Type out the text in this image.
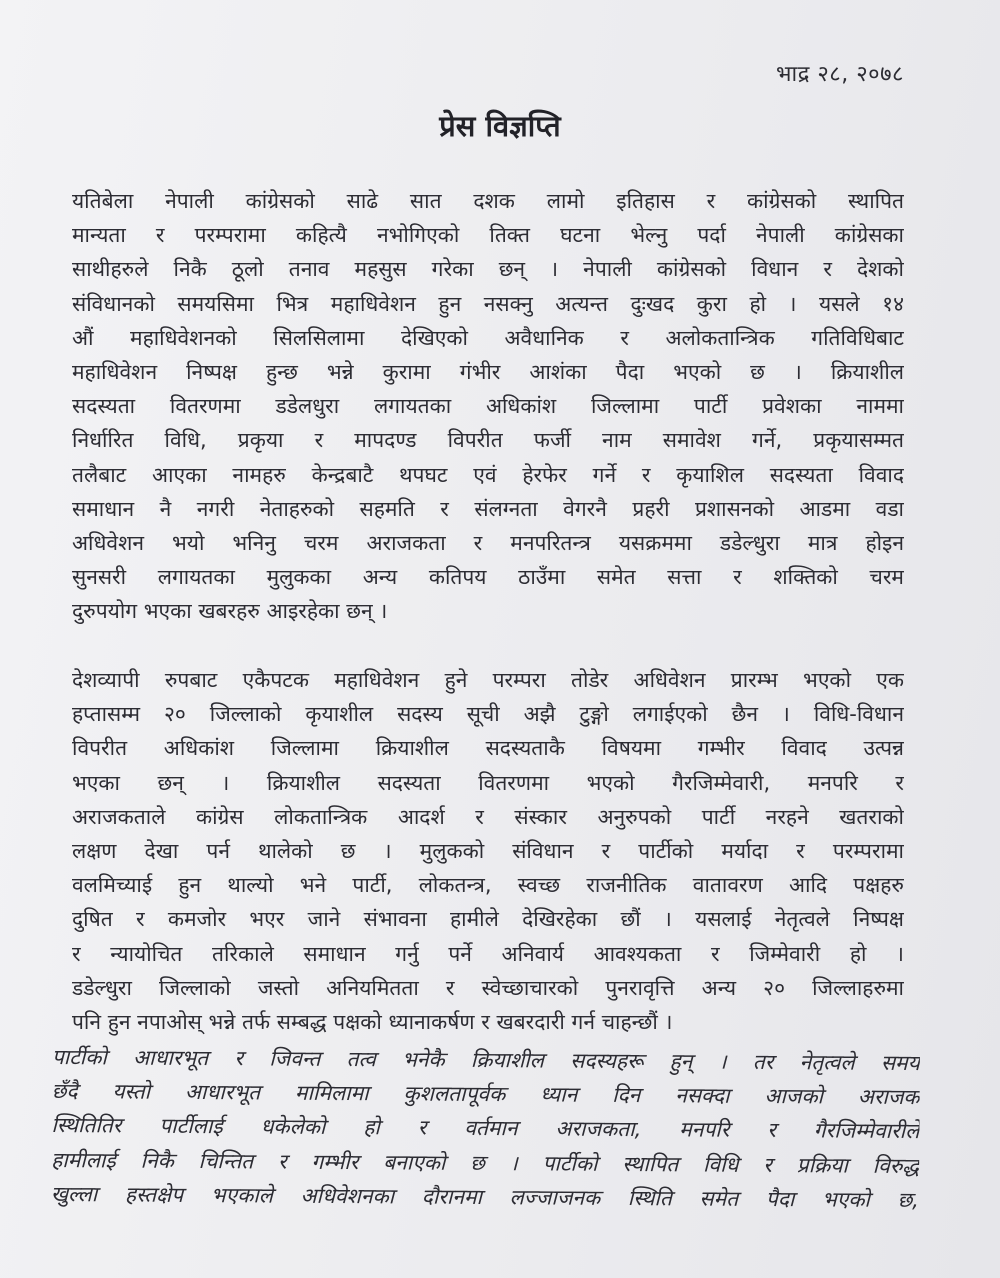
भाद्र २८, २०७८
प्रेस विज्ञप्ति
यतिबेला नेपाली कांग्रेसको साढे सात दशक लामो इतिहास र कांग्रेसको स्थापित
मान्यता र परम्परामा कहित्यै नभोगिएको तिक्त घटना भेल्नु पर्दा नेपाली कांग्रेसका
साथीहरुले निकै ठूलो तनाव महसुस गरेका छन् । नेपाली कांग्रेसको विधान र देशको
संविधानको समयसिमा भित्र महाधिवेशन हुन नसक्नु अत्यन्त दुःखद कुरा हो । यसले १४
औं महाधिवेशनको सिलसिलामा देखिएको अवैधानिक र अलोकतान्त्रिक गतिविधिबाट
महाधिवेशन निष्पक्ष हुन्छ भन्ने कुरामा गंभीर आशंका पैदा भएको छ । क्रियाशील
सदस्यता वितरणमा डडेलधुरा लगायतका अधिकांश जिल्लामा पार्टी प्रवेशका नाममा
निर्धारित विधि, प्रकृया र मापदण्ड विपरीत फर्जी नाम समावेश गर्ने, प्रकृयासम्मत
तलैबाट आएका नामहरु केन्द्रबाटै थपघट एवं हेरफेर गर्ने र कृयाशिल सदस्यता विवाद
समाधान नै नगरी नेताहरुको सहमति र संलग्नता वेगरनै प्रहरी प्रशासनको आडमा वडा
अधिवेशन भयो भनिनु चरम अराजकता र मनपरितन्त्र यसक्रममा डडेल्धुरा मात्र होइन
सुनसरी लगायतका मुलुकका अन्य कतिपय ठाउँमा समेत सत्ता र शक्तिको चरम
दुरुपयोग भएका खबरहरु आइरहेका छन् ।
देशव्यापी रुपबाट एकैपटक महाधिवेशन हुने परम्परा तोडेर अधिवेशन प्रारम्भ भएको एक
हप्तासम्म २० जिल्लाको कृयाशील सदस्य सूची अझै टुङ्गो लगाईएको छैन । विधि-विधान
विपरीत अधिकांश जिल्लामा क्रियाशील सदस्यताकै विषयमा गम्भीर विवाद उत्पन्न
भएका छन् । क्रियाशील सदस्यता वितरणमा भएको गैरजिम्मेवारी, मनपरि र
अराजकताले कांग्रेस लोकतान्त्रिक आदर्श र संस्कार अनुरुपको पार्टी नरहने खतराको
लक्षण देखा पर्न थालेको छ । मुलुकको संविधान र पार्टीको मर्यादा र परम्परामा
वलमिच्याई हुन थाल्यो भने पार्टी, लोकतन्त्र, स्वच्छ राजनीतिक वातावरण आदि पक्षहरु
दुषित र कमजोर भएर जाने संभावना हामीले देखिरहेका छौं । यसलाई नेतृत्वले निष्पक्ष
र न्यायोचित तरिकाले समाधान गर्नु पर्ने अनिवार्य आवश्यकता र जिम्मेवारी हो ।
डडेल्धुरा जिल्लाको जस्तो अनियमितता र स्वेच्छाचारको पुनरावृत्ति अन्य २० जिल्लाहरुमा
पनि हुन नपाओस् भन्ने तर्फ सम्बद्ध पक्षको ध्यानाकर्षण र खबरदारी गर्न चाहन्छौं ।
पार्टीको आधारभूत र जिवन्त तत्व भनेकै क्रियाशील सदस्यहरू हुन् । तर नेतृत्वले समय
छँदै यस्तो आधारभूत मामिलामा कुशलतापूर्वक ध्यान दिन नसक्दा आजको अराजक
स्थितितिर पार्टीलाई धकेलेको हो र वर्तमान अराजकता, मनपरि र गैरजिम्मेवारीले
हामीलाई निकै चिन्तित र गम्भीर बनाएको छ । पार्टीको स्थापित विधि र प्रक्रिया विरुद्ध
खुल्ला हस्तक्षेप भएकाले अधिवेशनका दौरानमा लज्जाजनक स्थिति समेत पैदा भएको छ,
